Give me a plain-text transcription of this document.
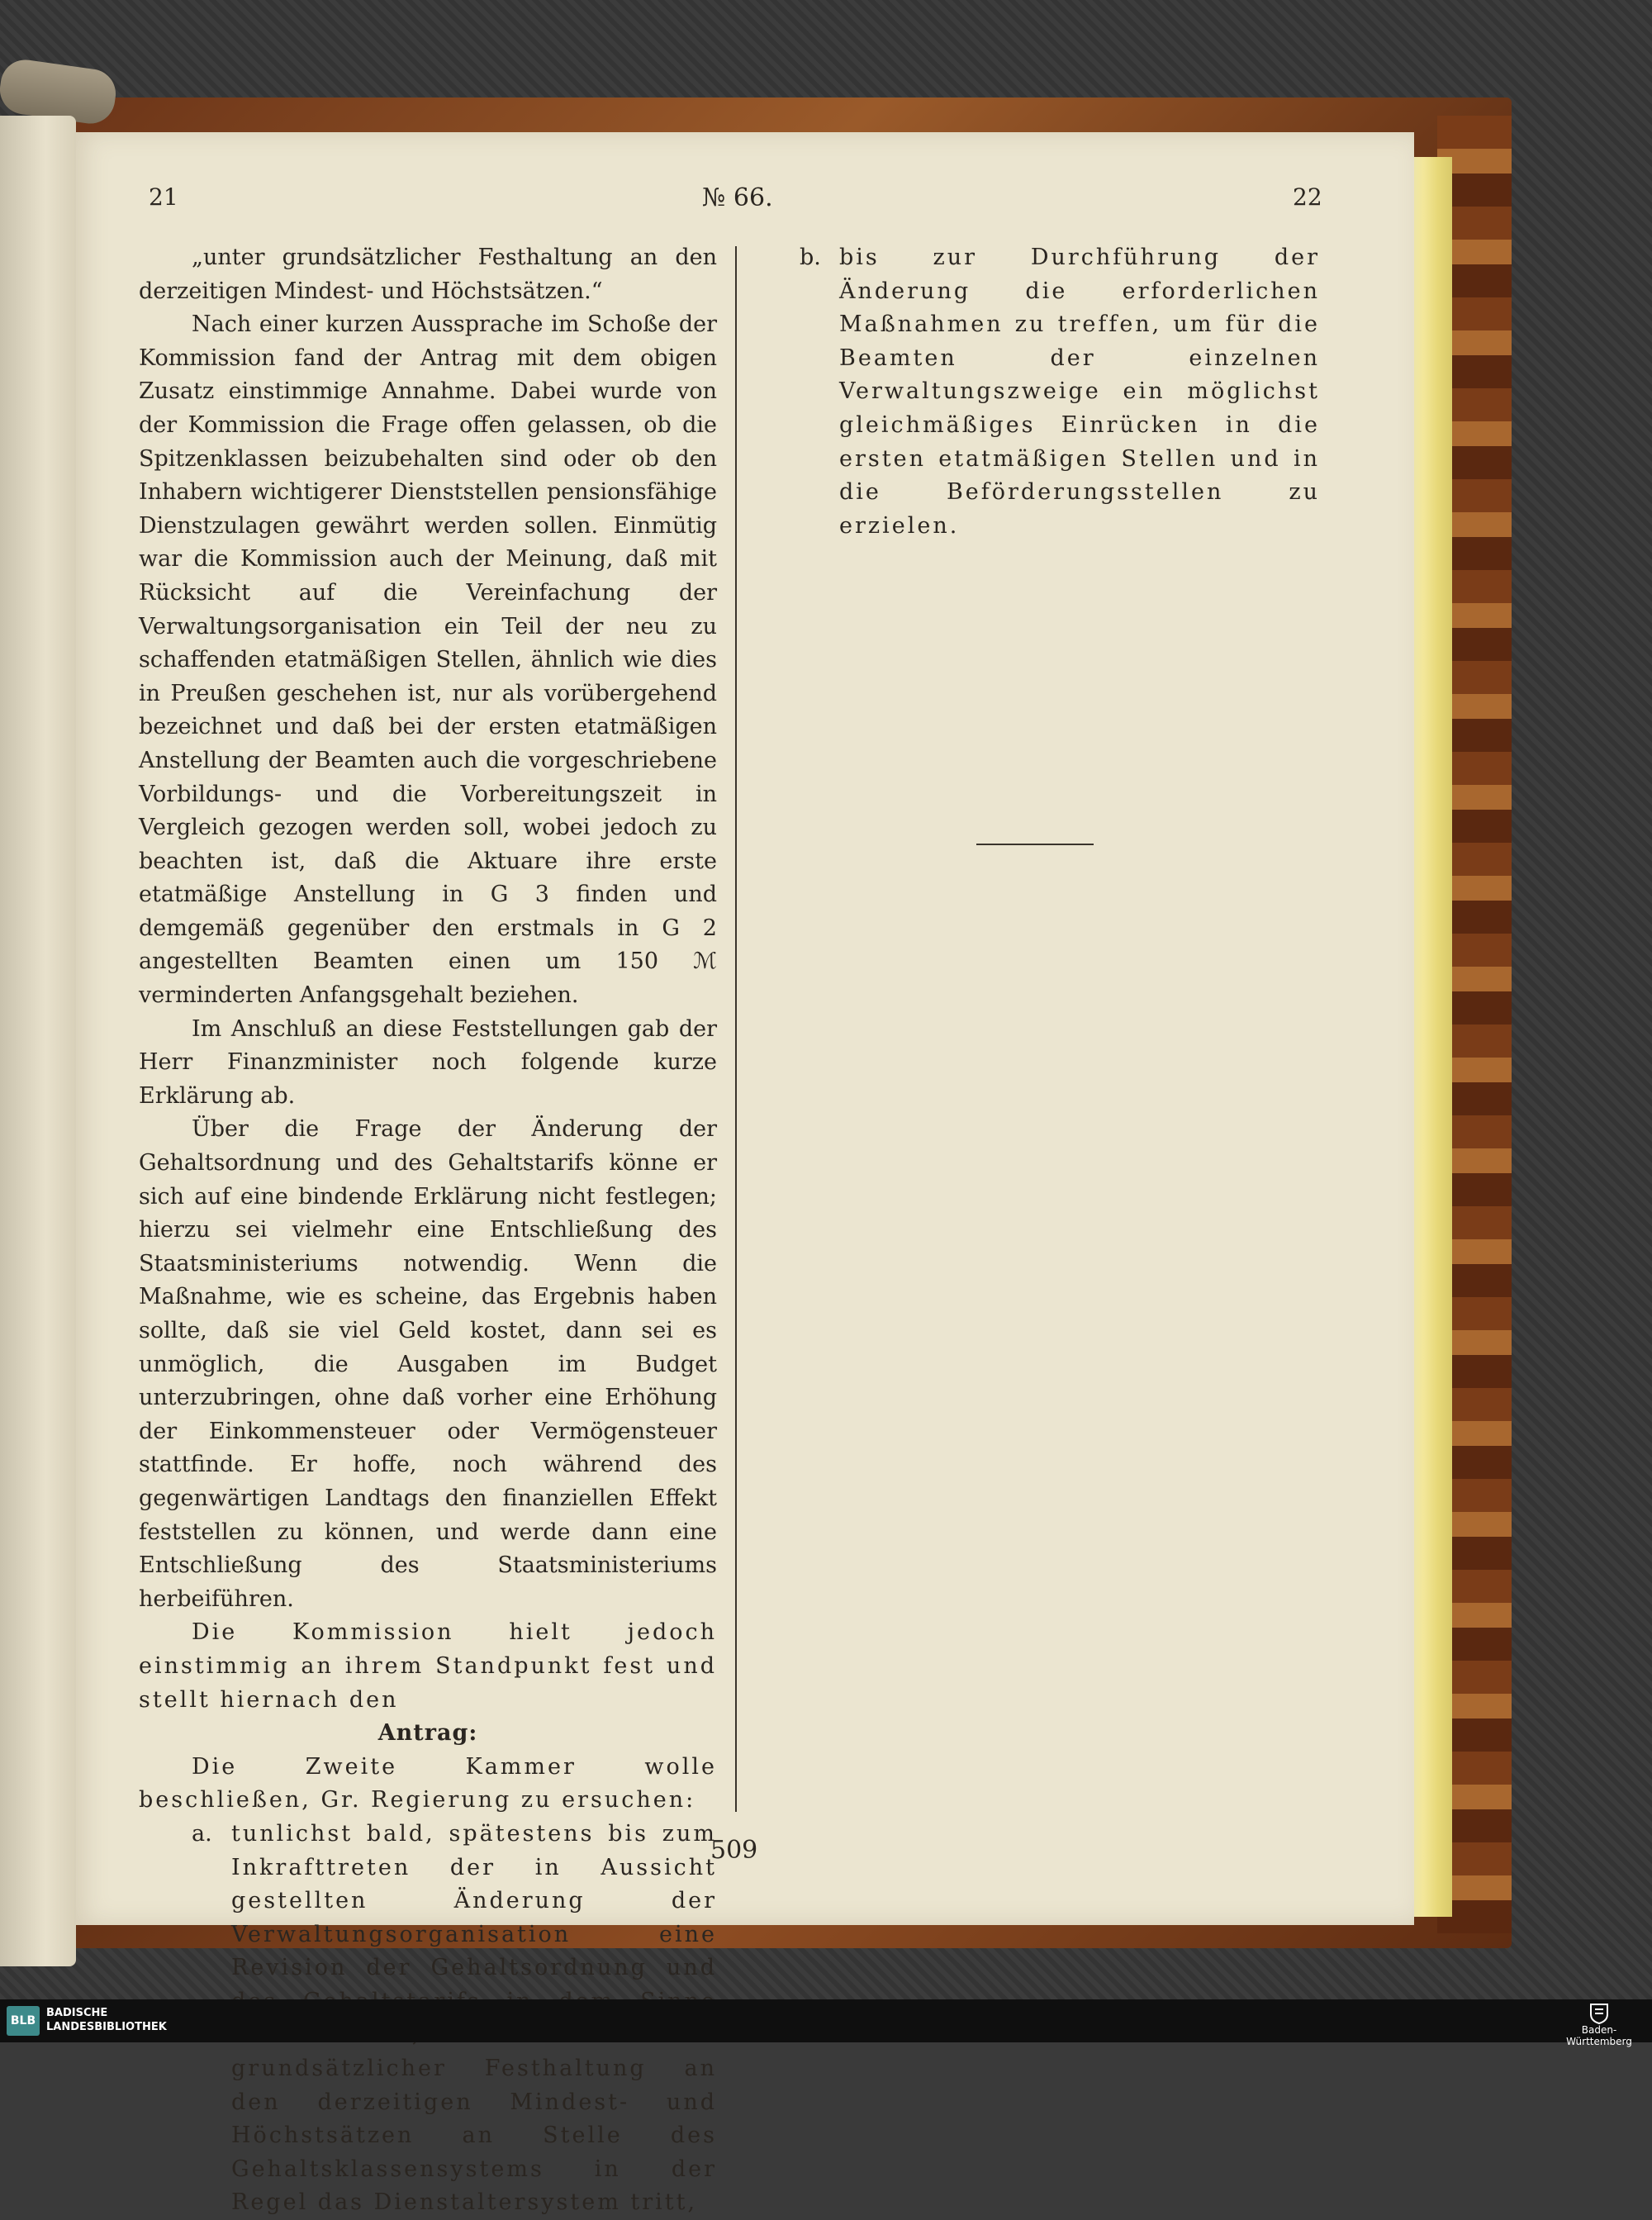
21	№ 66.	22

„unter grundsätzlicher Festhaltung an den derzeitigen Mindest- und Höchstsätzen.“

Nach einer kurzen Aussprache im Schoße der Kommission fand der Antrag mit dem obigen Zusatz einstimmige Annahme. Dabei wurde von der Kommission die Frage offen gelassen, ob die Spitzenklassen beizubehalten sind oder ob den Inhabern wichtigerer Dienststellen pensionsfähige Dienstzulagen gewährt werden sollen. Einmütig war die Kommission auch der Meinung, daß mit Rücksicht auf die Vereinfachung der Verwaltungsorganisation ein Teil der neu zu schaffenden etatmäßigen Stellen, ähnlich wie dies in Preußen geschehen ist, nur als vorübergehend bezeichnet und daß bei der ersten etatmäßigen Anstellung der Beamten auch die vorgeschriebene Vorbildungs- und die Vorbereitungszeit in Vergleich gezogen werden soll, wobei jedoch zu beachten ist, daß die Aktuare ihre erste etatmäßige Anstellung in G 3 finden und demgemäß gegenüber den erstmals in G 2 angestellten Beamten einen um 150 ℳ verminderten Anfangsgehalt beziehen.

Im Anschluß an diese Feststellungen gab der Herr Finanzminister noch folgende kurze Erklärung ab.

Über die Frage der Änderung der Gehaltsordnung und des Gehaltstarifs könne er sich auf eine bindende Erklärung nicht festlegen; hierzu sei vielmehr eine Entschließung des Staatsministeriums notwendig. Wenn die Maßnahme, wie es scheine, das Ergebnis haben sollte, daß sie viel Geld kostet, dann sei es unmöglich, die Ausgaben im Budget unterzubringen, ohne daß vorher eine Erhöhung der Einkommensteuer oder Vermögensteuer stattfinde. Er hoffe, noch während des gegenwärtigen Landtags den finanziellen Effekt feststellen zu können, und werde dann eine Entschließung des Staatsministeriums herbeiführen.

Die Kommission hielt jedoch einstimmig an ihrem Standpunkt fest und stellt hiernach den

Antrag:

Die Zweite Kammer wolle beschließen, Gr. Regierung zu ersuchen:

a. tunlichst bald, spätestens bis zum Inkrafttreten der in Aussicht gestellten Änderung der Verwaltungsorganisation eine Revision der Gehaltsordnung und grundsätzlicher Festhaltung an den derzeitigen Mindest- und Höchstsätzen an Stelle des Gehaltsklassensystems in der Regel das Dienstaltersystem tritt,
b. bis zur Durchführung der Änderung die erforderlichen Maßnahmen zu treffen, um für die Beamten der einzelnen Verwaltungszweige ein möglichst gleichmäßiges Einrücken in die ersten etatmäßigen Stellen und in die Beförderungsstellen zu erzielen.
509
BLB
BADISCHE
LANDESBIBLIOTHEK	Baden-Württemberg
